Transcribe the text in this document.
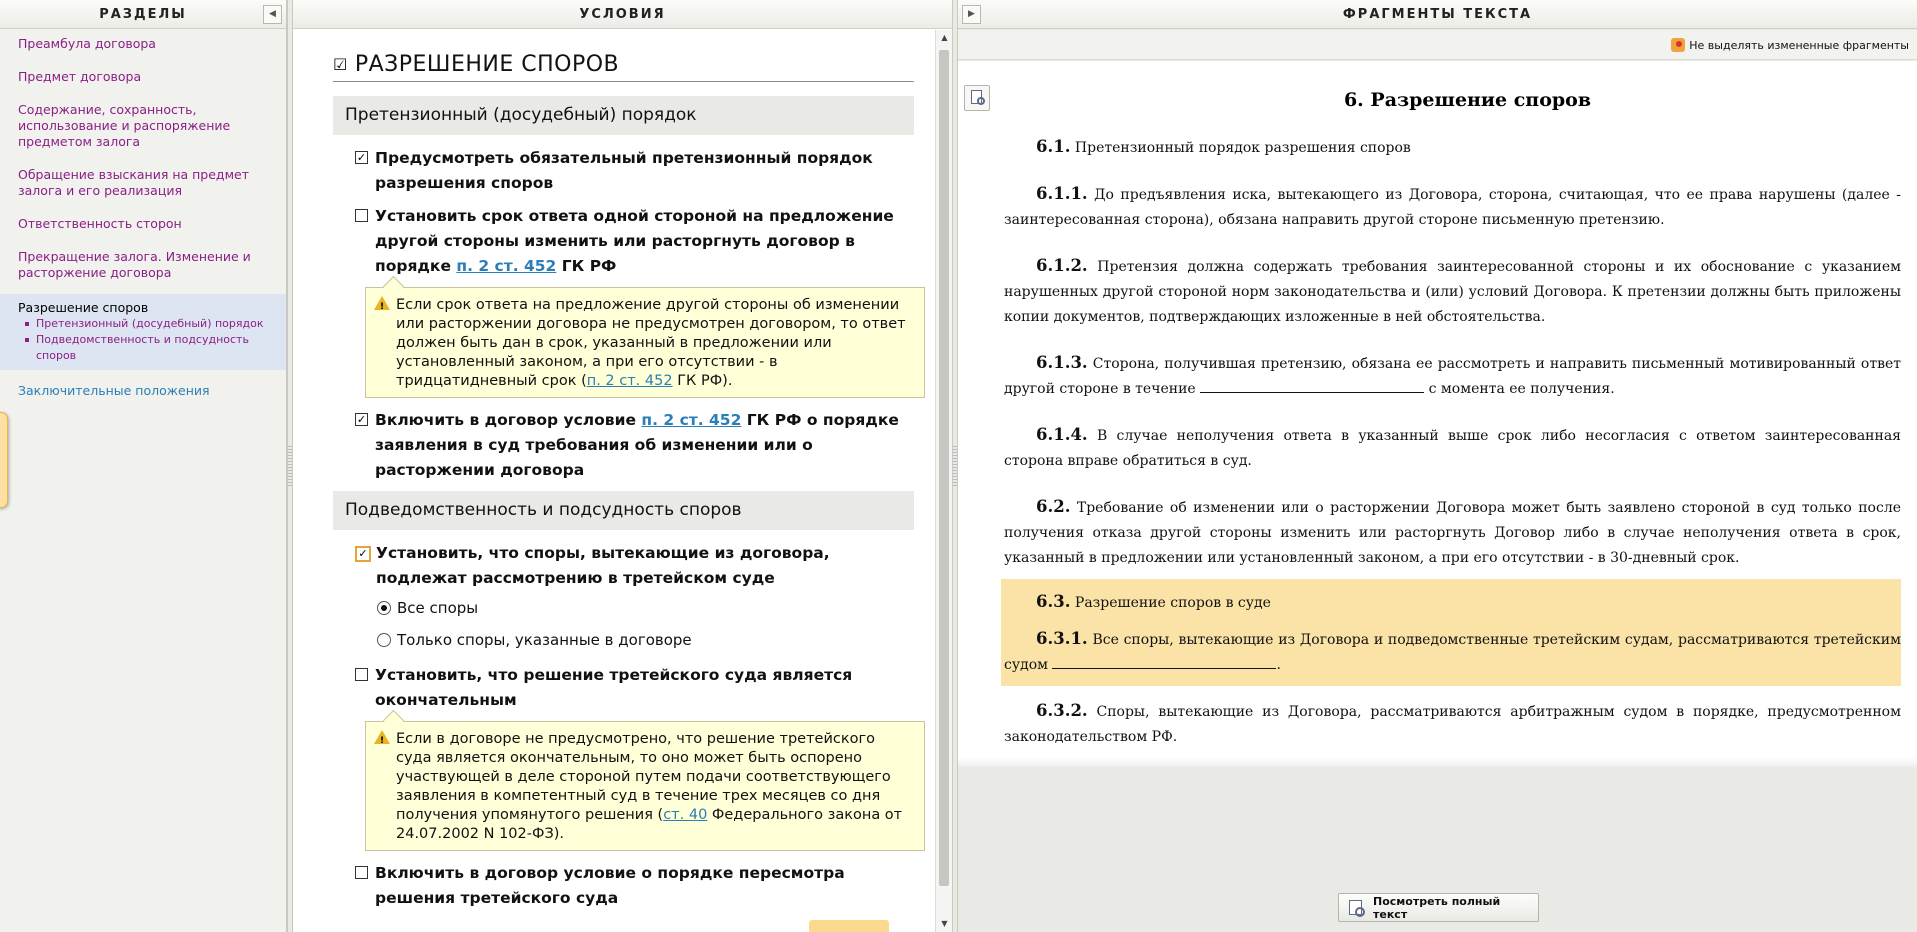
РАЗДЕЛЫ	◀
Преамбула договора
Предмет договора
Содержание, сохранность, использование и распоряжение предметом залога
Обращение взыскания на предмет залога и его реализация
Ответственность сторон
Прекращение залога. Изменение и расторжение договора
Разрешение споров
Претензионный (досудебный) порядок
Подведомственность и подсудность споров
Заключительные положения
УСЛОВИЯ
☑ РАЗРЕШЕНИЕ СПОРОВ
Претензионный (досудебный) порядок
✓ Предусмотреть обязательный претензионный порядок разрешения споров
Установить срок ответа одной стороной на предложение другой стороны изменить или расторгнуть договор в порядке п. 2 ст. 452 ГК РФ
!
Если срок ответа на предложение другой стороны об изменении или расторжении договора не предусмотрен договором, то ответ должен быть дан в срок, указанный в предложении или установленный законом, а при его отсутствии - в тридцатидневный срок (п. 2 ст. 452 ГК РФ).
✓ Включить в договор условие п. 2 ст. 452 ГК РФ о порядке заявления в суд требования об изменении или о расторжении договора
Подведомственность и подсудность споров
✓ Установить, что споры, вытекающие из договора, подлежат рассмотрению в третейском суде
Все споры
Только споры, указанные в договоре
Установить, что решение третейского суда является окончательным
!
Если в договоре не предусмотрено, что решение третейского суда является окончательным, то оно может быть оспорено участвующей в деле стороной путем подачи соответствующего заявления в компетентный суд в течение трех месяцев со дня получения упомянутого решения (ст. 40 Федерального закона от 24.07.2002 N 102-ФЗ).
Включить в договор условие о порядке пересмотра решения третейского суда
▲
▼
▶	ФРАГМЕНТЫ ТЕКСТА
Не выделять измененные фрагменты
6. Разрешение споров

6.1. Претензионный порядок разрешения споров

6.1.1. До предъявления иска, вытекающего из Договора, сторона, считающая, что ее права нарушены (далее - заинтересованная сторона), обязана направить другой стороне письменную претензию.

6.1.2. Претензия должна содержать требования заинтересованной стороны и их обоснование с указанием нарушенных другой стороной норм законодательства и (или) условий Договора. К претензии должны быть приложены копии документов, подтверждающих изложенные в ней обстоятельства.

6.1.3. Сторона, получившая претензию, обязана ее рассмотреть и направить письменный мотивированный ответ другой стороне в течение	с момента ее получения.

6.1.4. В случае неполучения ответа в указанный выше срок либо несогласия с ответом заинтересованная сторона вправе обратиться в суд.

6.2. Требование об изменении или о расторжении Договора может быть заявлено стороной в суд только после получения отказа другой стороны изменить или расторгнуть Договор либо в случае неполучения ответа в срок, указанный в предложении или установленный законом, а при его отсутствии - в 30-дневный срок.

6.3. Разрешение споров в суде

6.3.1. Все споры, вытекающие из Договора и подведомственные третейским судам, рассматриваются третейским судом	.

6.3.2. Споры, вытекающие из Договора, рассматриваются арбитражным судом в порядке, предусмотренном законодательством РФ.

Посмотреть полный текст
